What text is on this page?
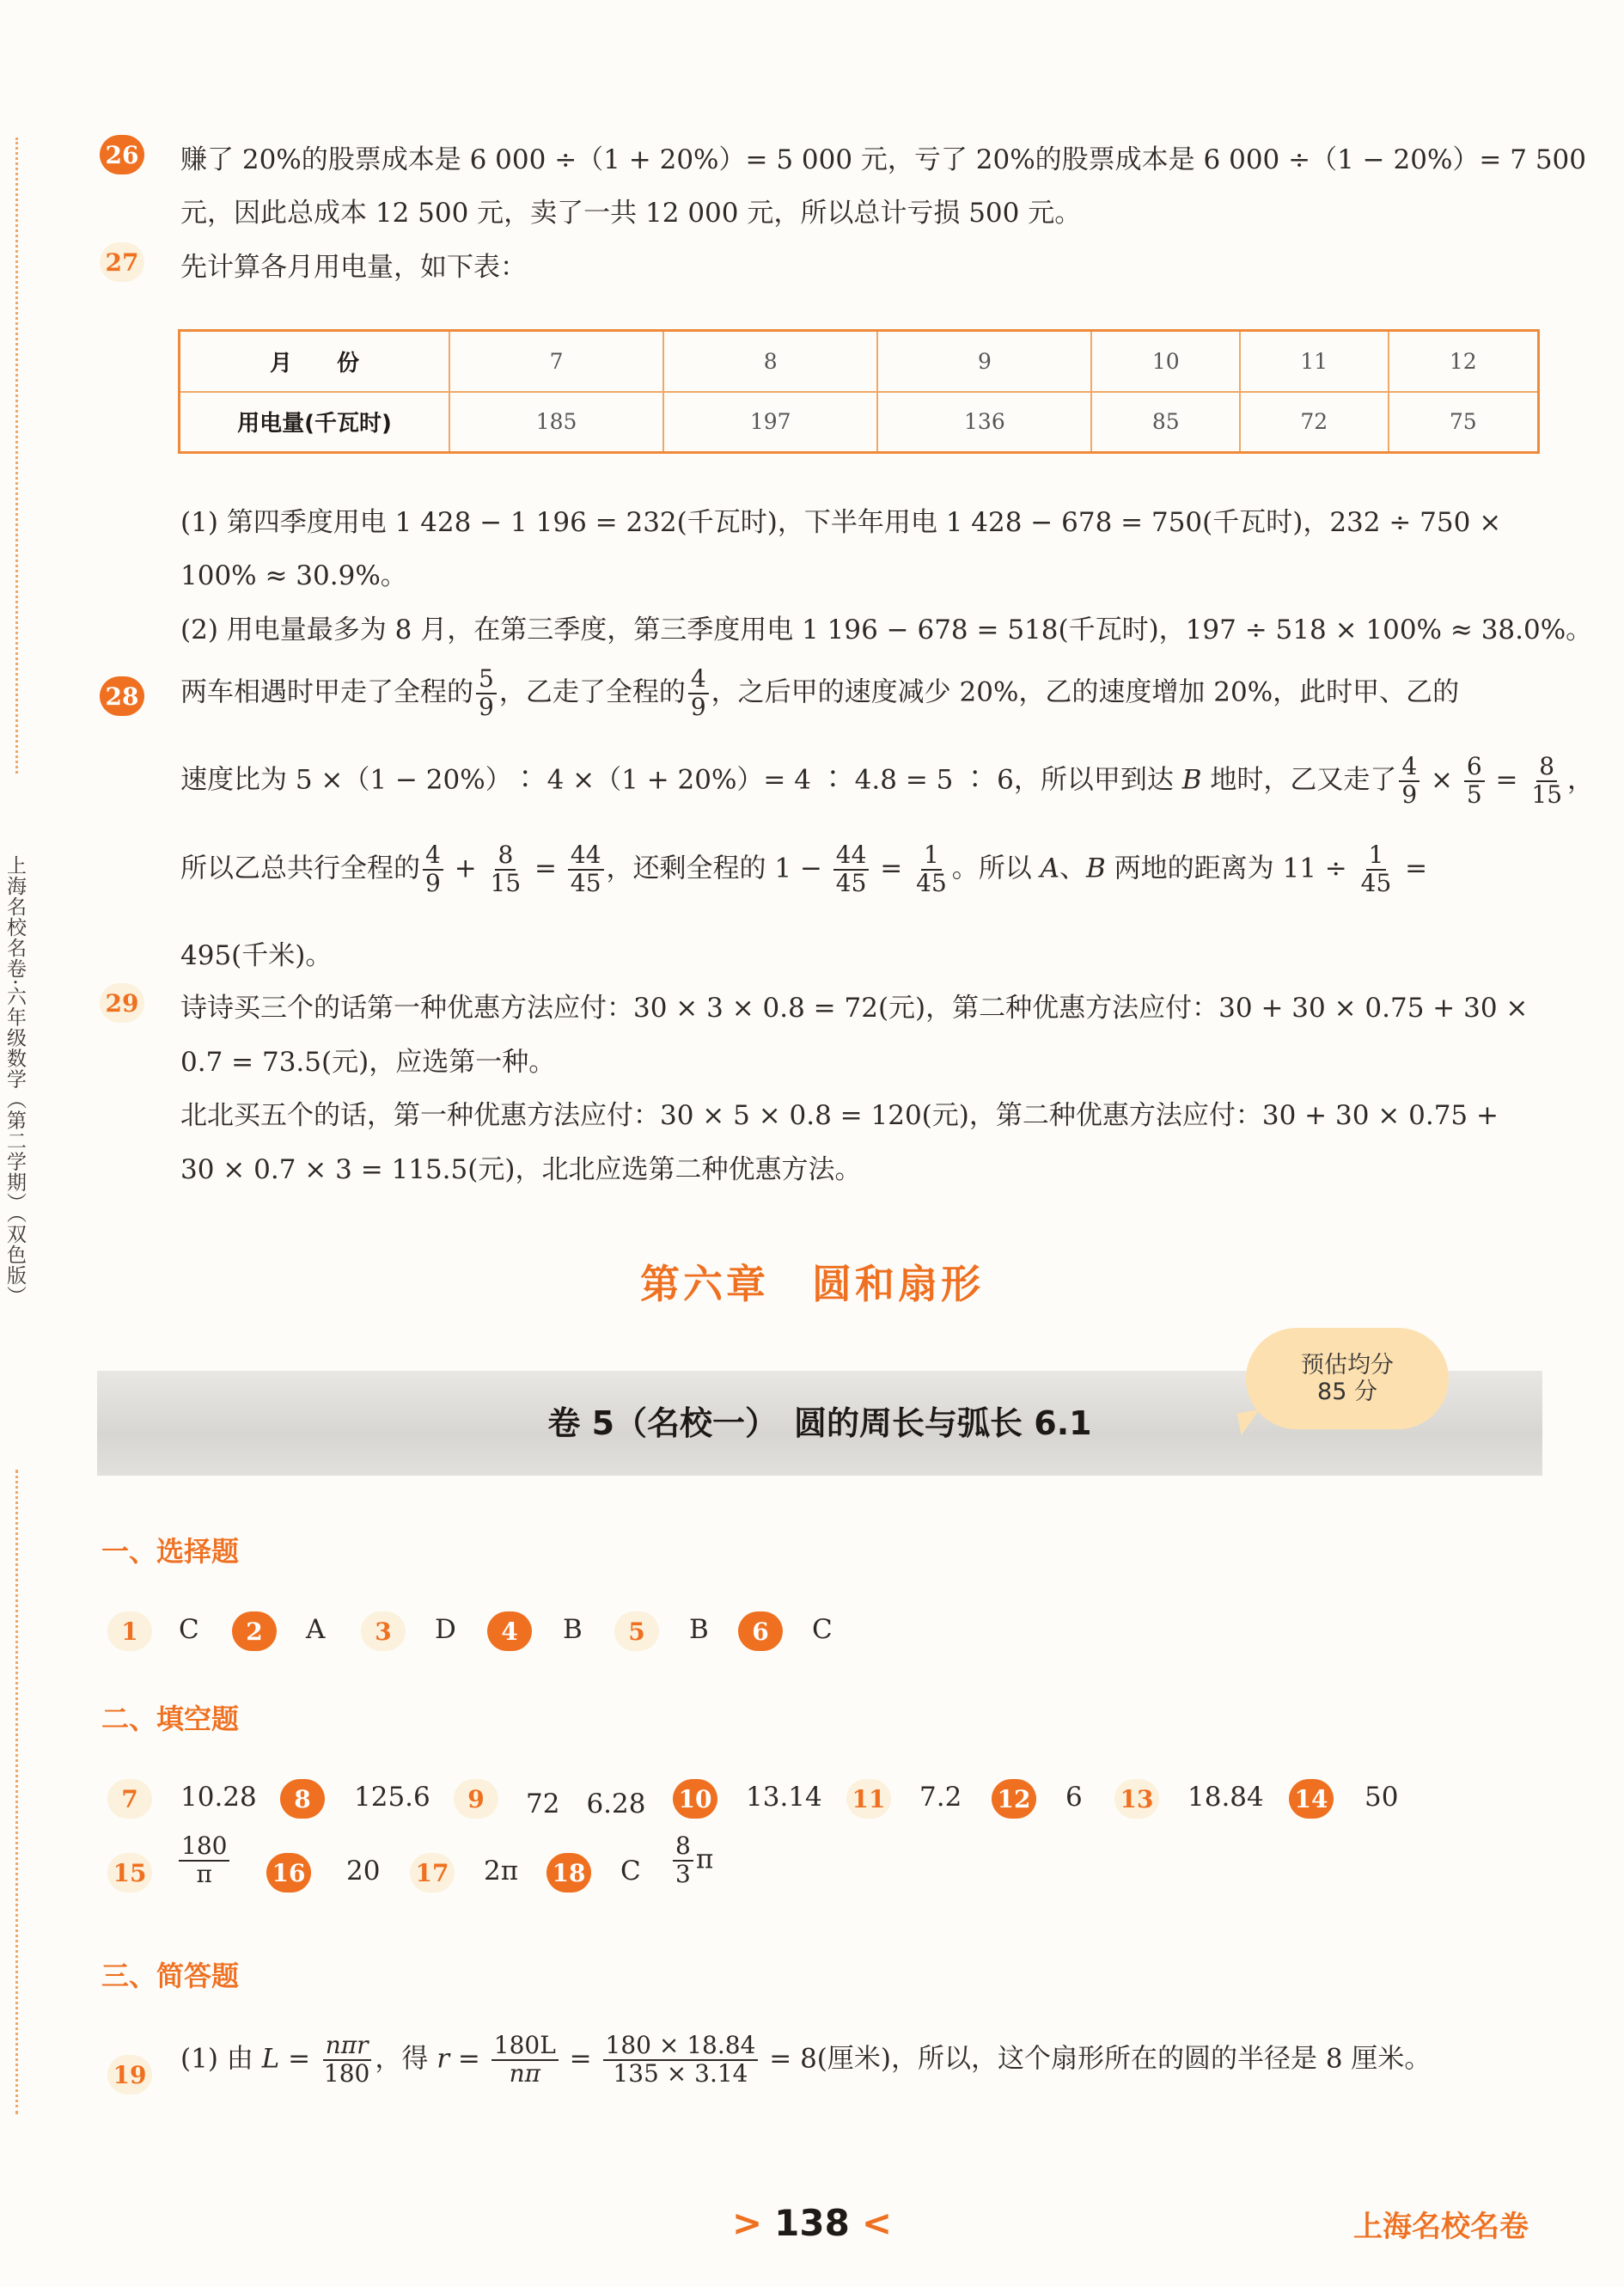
上海名校名卷·六年级数学（第二学期）（双色版）
26 赚了 20%的股票成本是 6 000 ÷（1 + 20%）= 5 000 元，亏了 20%的股票成本是 6 000 ÷（1 − 20%）= 7 500
元，因此总成本 12 500 元，卖了一共 12 000 元，所以总计亏损 500 元。
27 先计算各月用电量，如下表：
月　　份	7	8	9	10	11	12
用电量(千瓦时)	185	197	136	85	72	75
(1) 第四季度用电 1 428 − 1 196 = 232(千瓦时)，下半年用电 1 428 − 678 = 750(千瓦时)，232 ÷ 750 ×
100% ≈ 30.9%。
(2) 用电量最多为 8 月，在第三季度，第三季度用电 1 196 − 678 = 518(千瓦时)，197 ÷ 518 × 100% ≈ 38.0%。
28 两车相遇时甲走了全程的 $\frac{5}{9}$ ，乙走了全程的 $\frac{4}{9}$ ，之后甲的速度减少 20%，乙的速度增加 20%，此时甲、乙的
速度比为 5 ×（1 − 20%）∶ 4 ×（1 + 20%）= 4 ∶ 4.8 = 5 ∶ 6，所以甲到达 B 地时，乙又走了 $\frac{4}{9} \times \frac{6}{5} = \frac{8}{15}$ ，
所以乙总共行全程的 $\frac{4}{9} + \frac{8}{15} = \frac{44}{45}$ ，还剩全程的 $1 - \frac{44}{45} = \frac{1}{45}$ 。所以 A、B 两地的距离为 $11 \div \frac{1}{45}$ =
495(千米)。
29 诗诗买三个的话第一种优惠方法应付：30 × 3 × 0.8 = 72(元)，第二种优惠方法应付：30 + 30 × 0.75 + 30 ×
0.7 = 73.5(元)，应选第一种。
北北买五个的话，第一种优惠方法应付：30 × 5 × 0.8 = 120(元)，第二种优惠方法应付：30 + 30 × 0.75 +
30 × 0.7 × 3 = 115.5(元)，北北应选第二种优惠方法。
第六章　圆和扇形
卷 5（名校一）　圆的周长与弧长 6.1
预估均分
85 分
一、选择题
1	C	2	A	3	D	4	B	5	B	6	C
二、填空题
7	10.28	8	125.6	9	72　6.28 10 13.14 11 7.2 12 6 13 18.84 14 50
$15 \frac{180}{\pi} 16$ 20 17 2π 18 C $\frac{8}{3}$ π
三、简答题
19
(1) 由 $L = \frac{\text{nπr}}{180}$ ，得 $r = \frac{180L}{n\pi} = \frac{180 \times 18.84}{135 \times 3.14} = 8$(厘米)，所以，这个扇形所在的圆的半径是 8 厘米。
> 138 <	上海名校名卷
